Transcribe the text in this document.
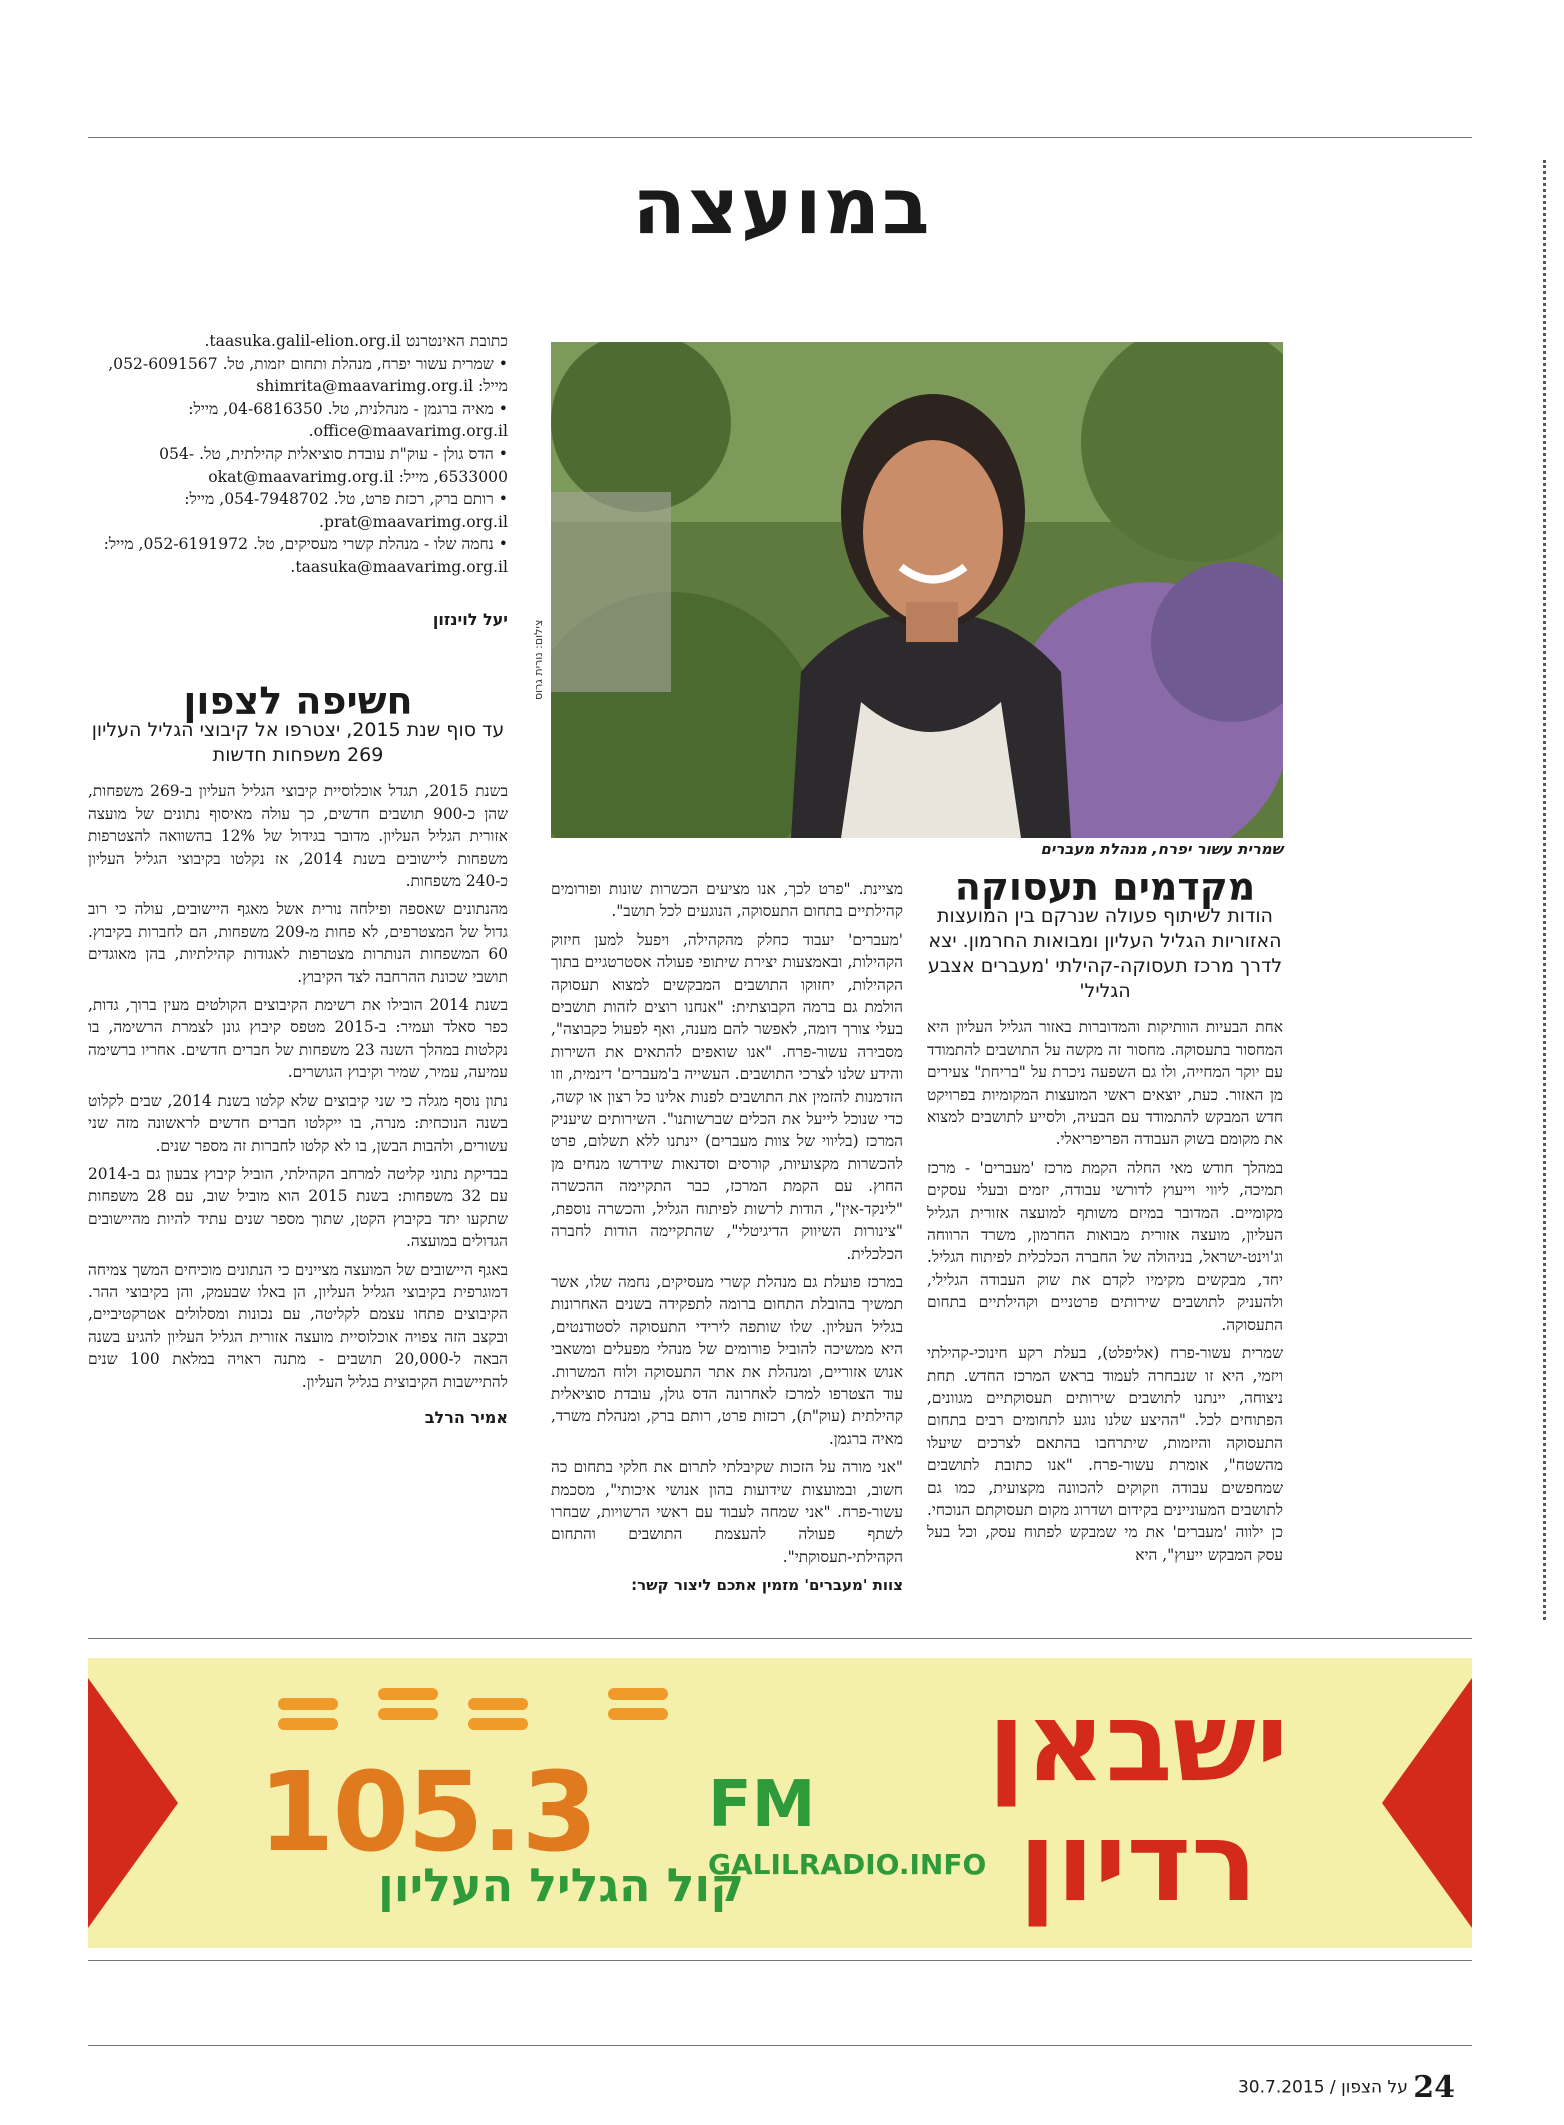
במועצה
כתובת האינטרנט taasuka.galil-elion.org.il.
• שמרית עשור יפרח, מנהלת ותחום יזמות, טל. 052-6091567, מייל: shimrita@maavarimg.org.il
• מאיה ברגמן - מנהלנית, טל. 04-6816350, מייל: office@maavarimg.org.il.
• הדס גולן - עוק"ת עובדת סוציאלית קהילתית, טל. 054-6533000, מייל: okat@maavarimg.org.il
• רותם ברק, רכזת פרט, טל. 054-7948702, מייל: prat@maavarimg.org.il.
• נחמה שלו - מנהלת קשרי מעסיקים, טל. 052-6191972, מייל: taasuka@maavarimg.org.il.
יעל לוינזון
חשיפה לצפון
עד סוף שנת 2015, יצטרפו אל קיבוצי הגליל העליון 269 משפחות חדשות

בשנת 2015, תגדל אוכלוסיית קיבוצי הגליל העליון ב-269 משפחות, שהן כ-900 תושבים חדשים, כך עולה מאיסוף נתונים של מועצה אזורית הגליל העליון. מדובר בגידול של 12% בהשוואה להצטרפות משפחות ליישובים בשנת 2014, אז נקלטו בקיבוצי הגליל העליון כ-240 משפחות.

מהנתונים שאספה ופילחה נורית אשל מאגף היישובים, עולה כי רוב גדול של המצטרפים, לא פחות מ-209 משפחות, הם לחברות בקיבוץ. 60 המשפחות הנותרות מצטרפות לאגודות קהילתיות, בהן מאוגדים תושבי שכונת ההרחבה לצד הקיבוץ.

בשנת 2014 הובילו את רשימת הקיבוצים הקולטים מעין ברוך, גדות, כפר סאלד ועמיר: ב-2015 מטפס קיבוץ גונן לצמרת הרשימה, בו נקלטות במהלך השנה 23 משפחות של חברים חדשים. אחריו ברשימה עמיעה, עמיר, שמיר וקיבוץ הגושרים.

נתון נוסף מגלה כי שני קיבוצים שלא קלטו בשנת 2014, שבים לקלוט בשנה הנוכחית: מנרה, בו ייקלטו חברים חדשים לראשונה מזה שני עשורים, ולהבות הבשן, בו לא קלטו לחברות זה מספר שנים.

בבדיקת נתוני קליטה למרחב הקהילתי, הוביל קיבוץ צבעון גם ב-2014 עם 32 משפחות: בשנת 2015 הוא מוביל שוב, עם 28 משפחות שתקעו יתד בקיבוץ הקטן, שתוך מספר שנים עתיד להיות מהיישובים הגדולים במועצה.

באגף היישובים של המועצה מציינים כי הנתונים מוכיחים המשך צמיחה דמוגרפית בקיבוצי הגליל העליון, הן באלו שבעמק, והן בקיבוצי ההר. הקיבוצים פתחו עצמם לקליטה, עם נכונות ומסלולים אטרקטיביים, ובקצב הזה צפויה אוכלוסיית מועצה אזורית הגליל העליון להגיע בשנה הבאה ל-20,000 תושבים - מתנה ראויה במלאת 100 שנים להתיישבות הקיבוצית בגליל העליון.

אמיר הרלב
צילום: נורית גרוס
שמרית עשור יפרח, מנהלת מעברים

מציינת. "פרט לכך, אנו מציעים הכשרות שונות ופורומים קהילתיים בתחום התעסוקה, הנוגעים לכל תושב".

'מעברים' יעבוד כחלק מהקהילה, ויפעל למען חיזוק הקהילות, ובאמצעות יצירת שיתופי פעולה אסטרטגיים בתוך הקהילות, יחזוקו התושבים המבקשים למצוא תעסוקה הולמת גם ברמה הקבוצתית: "אנחנו רוצים לזהות תושבים בעלי צורך דומה, לאפשר להם מענה, ואף לפעול כקבוצה", מסבירה עשור-פרח. "אנו שואפים להתאים את השירות והידע שלנו לצרכי התושבים. העשייה ב'מעברים' דינמית, וזו הזדמנות להזמין את התושבים לפנות אלינו כל רצון או קשה, כדי שנוכל לייעל את הכלים שברשותנו". השירותים שיעניק המרכז (בליווי של צוות מעברים) יינתנו ללא תשלום, פרט להכשרות מקצועיות, קורסים וסדנאות שידרשו מנחים מן החוץ. עם הקמת המרכז, כבר התקיימה ההכשרה "לינקד-אין", הודות לרשות לפיתוח הגליל, והכשרה נוספת, "צינורות השיווק הדיגיטלי", שהתקיימה הודות לחברה הכלכלית.

במרכז פועלת גם מנהלת קשרי מעסיקים, נחמה שלו, אשר תמשיך בהובלת התחום ברומה לתפקידה בשנים האחרונות בגליל העליון. שלו שותפה לירידי התעסוקה לסטודנטים, היא ממשיכה להוביל פורומים של מנהלי מפעלים ומשאבי אנוש אזוריים, ומנהלת את אתר התעסוקה ולוח המשרות. עוד הצטרפו למרכז לאחרונה הדס גולן, עובדת סוציאלית קהילתית (עוק"ת), רכזות פרט, רותם ברק, ומנהלת משרד, מאיה ברגמן.

"אני מורה על הזכות שקיבלתי לתרום את חלקי בתחום כה חשוב, ובמועצות שידועות בהון אנושי איכותי", מסכמת עשור-פרח. "אני שמחה לעבוד עם ראשי הרשויות, שבחרו לשתף פעולה להעצמת התושבים והתחום הקהילתי-תעסוקתי".

צוות 'מעברים' מזמין אתכם ליצור קשר:
מקדמים תעסוקה
הודות לשיתוף פעולה שנרקם בין המועצות האזוריות הגליל העליון ומבואות החרמון. יצא לדרך מרכז תעסוקה-קהילתי 'מעברים אצבע הגליל'

אחת הבעיות הוותיקות והמדוברות באזור הגליל העליון היא המחסור בתעסוקה. מחסור זה מקשה על התושבים להתמודד עם יוקר המחייה, ולו גם השפעה ניכרת על "בריחת" צעירים מן האזור. כעת, יוצאים ראשי המועצות המקומיות בפרויקט חדש המבקש להתמודד עם הבעיה, ולסייע לתושבים למצוא את מקומם בשוק העבודה הפריפריאלי.

במהלך חודש מאי החלה הקמת מרכז 'מעברים' - מרכז תמיכה, ליווי וייעוץ לדורשי עבודה, יזמים ובעלי עסקים מקומיים. המדובר במיזם משותף למועצה אזורית הגליל העליון, מועצה אזורית מבואות החרמון, משרד הרווחה וג'וינט-ישראל, בניהולה של החברה הכלכלית לפיתוח הגליל. יחד, מבקשים מקימיו לקדם את שוק העבודה הגלילי, ולהעניק לתושבים שירותים פרטניים וקהילתיים בתחום התעסוקה.

שמרית עשור-פרח (אליפלט), בעלת רקע חינוכי-קהילתי ויזמי, היא זו שנבחרה לעמוד בראש המרכז החדש. תחת ניצוחה, יינתנו לתושבים שירותים תעסוקתיים מגוונים, הפתוחים לכל. "ההיצע שלנו נוגע לתחומים רבים בתחום התעסוקה והיזמות, שיתרחבו בהתאם לצרכים שיעלו מהשטח", אומרת עשור-פרח. "אנו כתובת לתושבים שמחפשים עבודה וזקוקים להכוונה מקצועית, כמו גם לתושבים המעוניינים בקידום ושדרוג מקום תעסוקתם הנוכחי. כן ילווה 'מעברים' את מי שמבקש לפתוח עסק, וכל בעל עסק המבקש ייעוץ", היא

105.3 FM
קול הגליל העליון
GALILRADIO.INFO
ישבאן
רדיון
24 על הצפון / 30.7.2015
